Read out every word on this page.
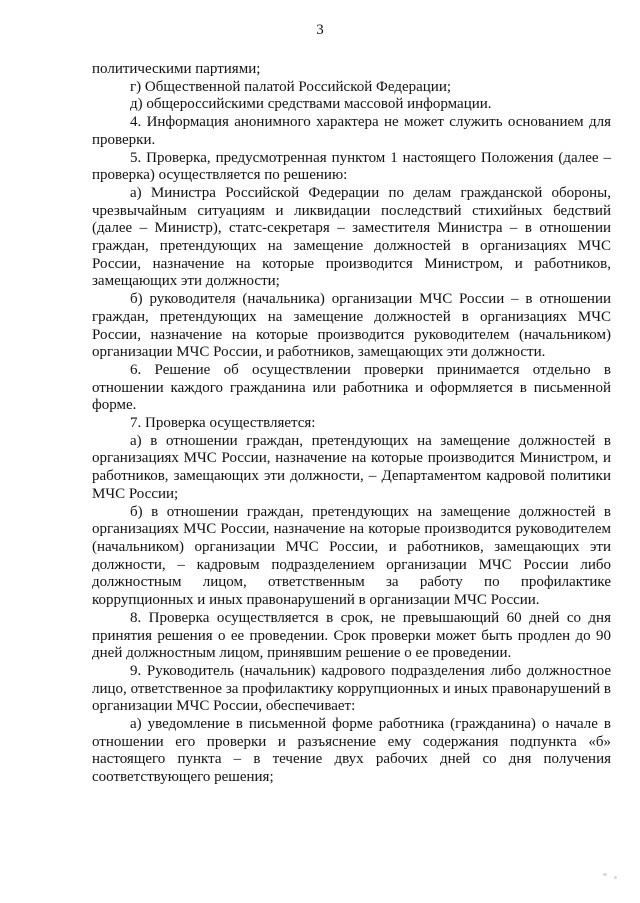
3

политическими партиями;

г) Общественной палатой Российской Федерации;

д) общероссийскими средствами массовой информации.

4. Информация анонимного характера не может служить основанием для проверки.

5. Проверка, предусмотренная пунктом 1 настоящего Положения (далее – проверка) осуществляется по решению:

а) Министра Российской Федерации по делам гражданской обороны, чрезвычайным ситуациям и ликвидации последствий стихийных бедствий (далее – Министр), статс-секретаря – заместителя Министра – в отношении граждан, претендующих на замещение должностей в организациях МЧС России, назначение на которые производится Министром, и работников, замещающих эти должности;

б) руководителя (начальника) организации МЧС России – в отношении граждан, претендующих на замещение должностей в организациях МЧС России, назначение на которые производится руководителем (начальником) организации МЧС России, и работников, замещающих эти должности.

6. Решение об осуществлении проверки принимается отдельно в отношении каждого гражданина или работника и оформляется в письменной форме.

7. Проверка осуществляется:

а) в отношении граждан, претендующих на замещение должностей в организациях МЧС России, назначение на которые производится Министром, и работников, замещающих эти должности, – Департаментом кадровой политики МЧС России;

б) в отношении граждан, претендующих на замещение должностей в организациях МЧС России, назначение на которые производится руководителем (начальником) организации МЧС России, и работников, замещающих эти должности, – кадровым подразделением организации МЧС России либо должностным лицом, ответственным за работу по профилактике коррупционных и иных правонарушений в организации МЧС России.

8. Проверка осуществляется в срок, не превышающий 60 дней со дня принятия решения о ее проведении. Срок проверки может быть продлен до 90 дней должностным лицом, принявшим решение о ее проведении.

9. Руководитель (начальник) кадрового подразделения либо должностное лицо, ответственное за профилактику коррупционных и иных правонарушений в организации МЧС России, обеспечивает:

а) уведомление в письменной форме работника (гражданина) о начале в отношении его проверки и разъяснение ему содержания подпункта «б» настоящего пункта – в течение двух рабочих дней со дня получения соответствующего решения;
